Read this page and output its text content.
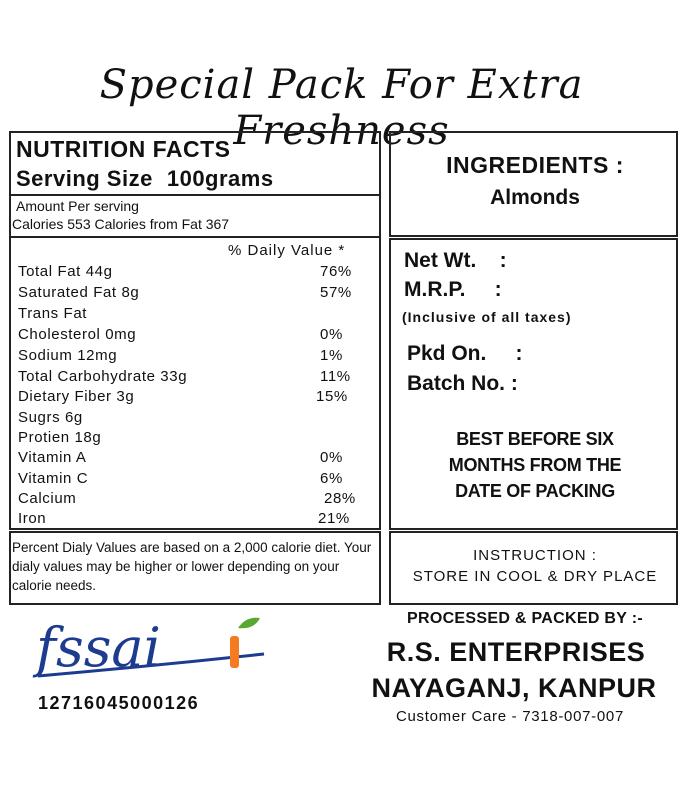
Special Pack For Extra Freshness
NUTRITION FACTS
Serving Size 100grams
Amount Per serving
Calories 553 Calories from Fat 367
% Daily Value *
Total Fat 44g	76%
Saturated Fat 8g	57%
Trans Fat
Cholesterol 0mg	0%
Sodium 12mg	1%
Total Carbohydrate 33g	11%
Dietary Fiber 3g	15%
Sugrs 6g
Protien 18g
Vitamin A	0%
Vitamin C	6%
Calcium	28%
Iron	21%
Percent Dialy Values are based on a 2,000 calorie diet. Your dialy values may be higher or lower depending on your calorie needs.
INGREDIENTS :
Almonds
Net Wt.    :
M.R.P.     :
(Inclusive of all taxes)
Pkd On.     :
Batch No. :
BEST BEFORE SIX
MONTHS FROM THE
DATE OF PACKING
INSTRUCTION :
STORE IN COOL & DRY PLACE
fssai
12716045000126
PROCESSED & PACKED BY :-
R.S. ENTERPRISES
NAYAGANJ, KANPUR
Customer Care - 7318-007-007
